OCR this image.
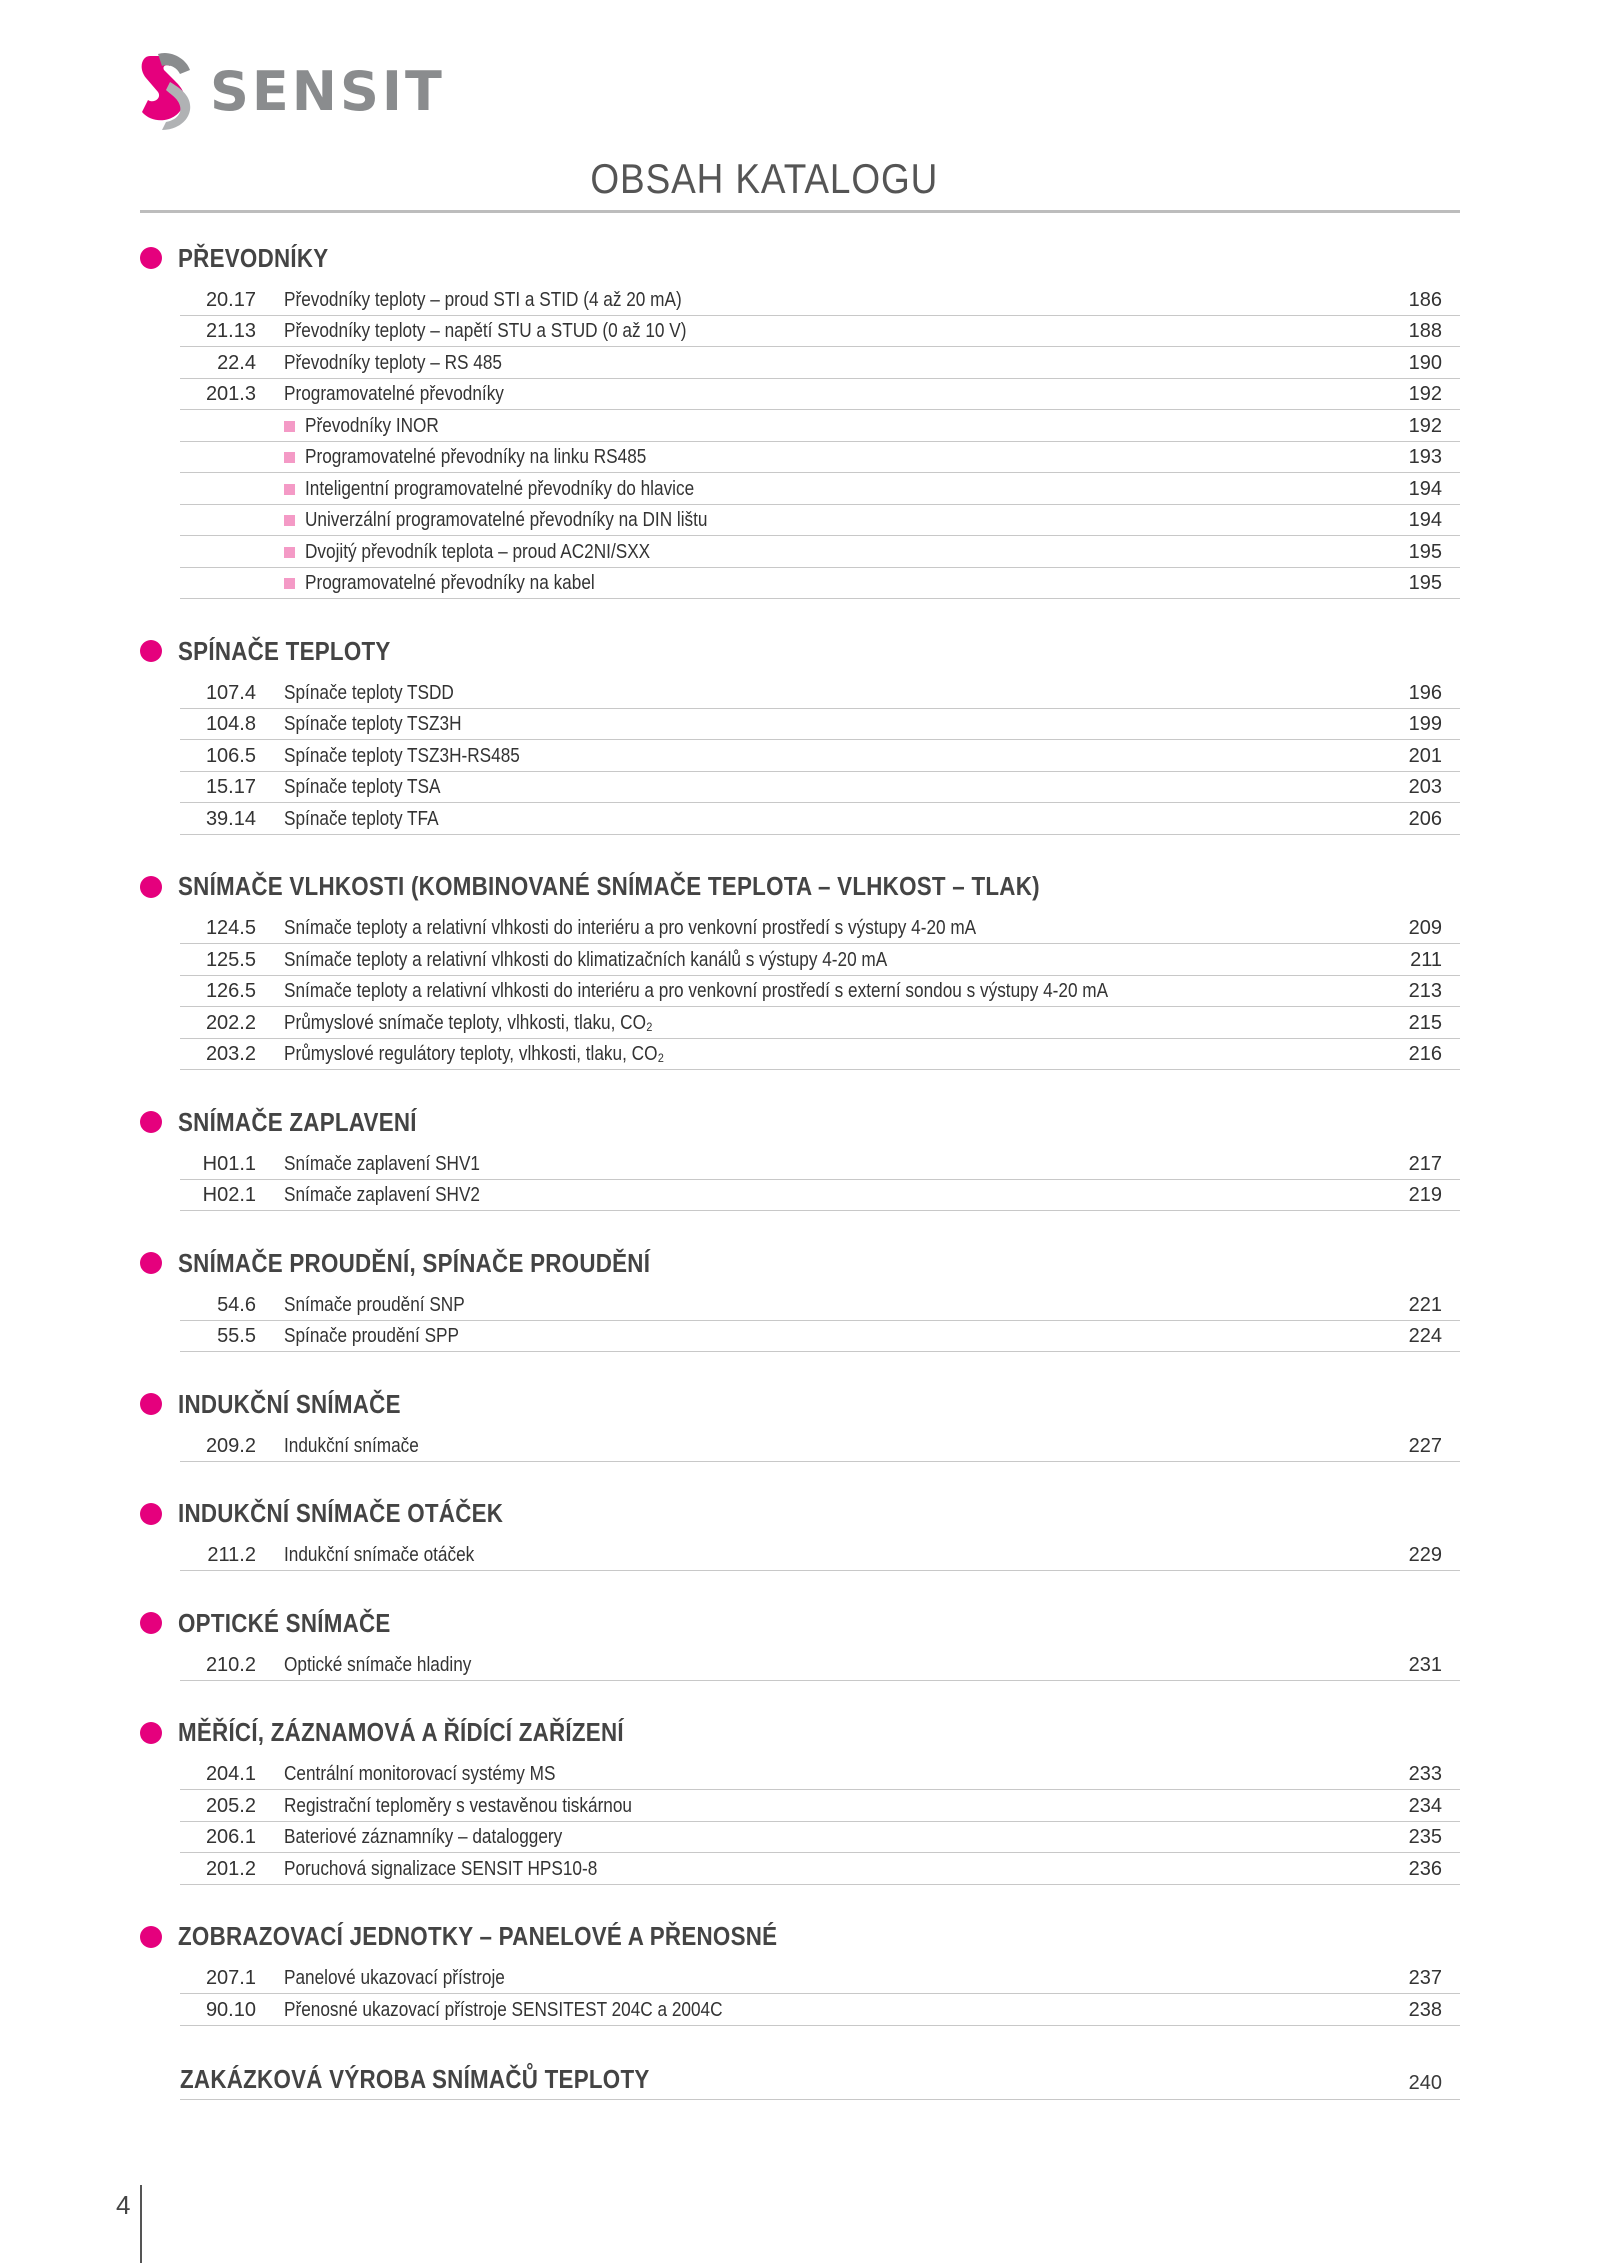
SENSIT
OBSAH KATALOGU
PŘEVODNÍKY
20.17	Převodníky teploty – proud STI a STID (4 až 20 mA)	186
21.13	Převodníky teploty – napětí STU a STUD (0 až 10 V)	188
22.4	Převodníky teploty – RS 485	190
201.3	Programovatelné převodníky	192
Převodníky INOR	192
Programovatelné převodníky na linku RS485	193
Inteligentní programovatelné převodníky do hlavice	194
Univerzální programovatelné převodníky na DIN lištu	194
Dvojitý převodník teplota – proud AC2NI/SXX	195
Programovatelné převodníky na kabel	195
SPÍNAČE TEPLOTY
107.4	Spínače teploty TSDD	196
104.8	Spínače teploty TSZ3H	199
106.5	Spínače teploty TSZ3H-RS485	201
15.17	Spínače teploty TSA	203
39.14	Spínače teploty TFA	206
SNÍMAČE VLHKOSTI (KOMBINOVANÉ SNÍMAČE TEPLOTA – VLHKOST – TLAK)
124.5	Snímače teploty a relativní vlhkosti do interiéru a pro venkovní prostředí s výstupy 4-20 mA	209
125.5	Snímače teploty a relativní vlhkosti do klimatizačních kanálů s výstupy 4-20 mA	211
126.5	Snímače teploty a relativní vlhkosti do interiéru a pro venkovní prostředí s externí sondou s výstupy 4-20 mA	213
202.2	Průmyslové snímače teploty, vlhkosti, tlaku, CO₂	215
203.2	Průmyslové regulátory teploty, vlhkosti, tlaku, CO₂	216
SNÍMAČE ZAPLAVENÍ
H01.1	Snímače zaplavení SHV1	217
H02.1	Snímače zaplavení SHV2	219
SNÍMAČE PROUDĚNÍ, SPÍNAČE PROUDĚNÍ
54.6	Snímače proudění SNP	221
55.5	Spínače proudění SPP	224
INDUKČNÍ SNÍMAČE
209.2	Indukční snímače	227
INDUKČNÍ SNÍMAČE OTÁČEK
211.2	Indukční snímače otáček	229
OPTICKÉ SNÍMAČE
210.2	Optické snímače hladiny	231
MĚŘÍCÍ, ZÁZNAMOVÁ A ŘÍDÍCÍ ZAŘÍZENÍ
204.1	Centrální monitorovací systémy MS	233
205.2	Registrační teploměry s vestavěnou tiskárnou	234
206.1	Bateriové záznamníky – dataloggery	235
201.2	Poruchová signalizace SENSIT HPS10-8	236
ZOBRAZOVACÍ JEDNOTKY – PANELOVÉ A PŘENOSNÉ
207.1	Panelové ukazovací přístroje	237
90.10	Přenosné ukazovací přístroje SENSITEST 204C a 2004C	238
ZAKÁZKOVÁ VÝROBA SNÍMAČŮ TEPLOTY	240
4
